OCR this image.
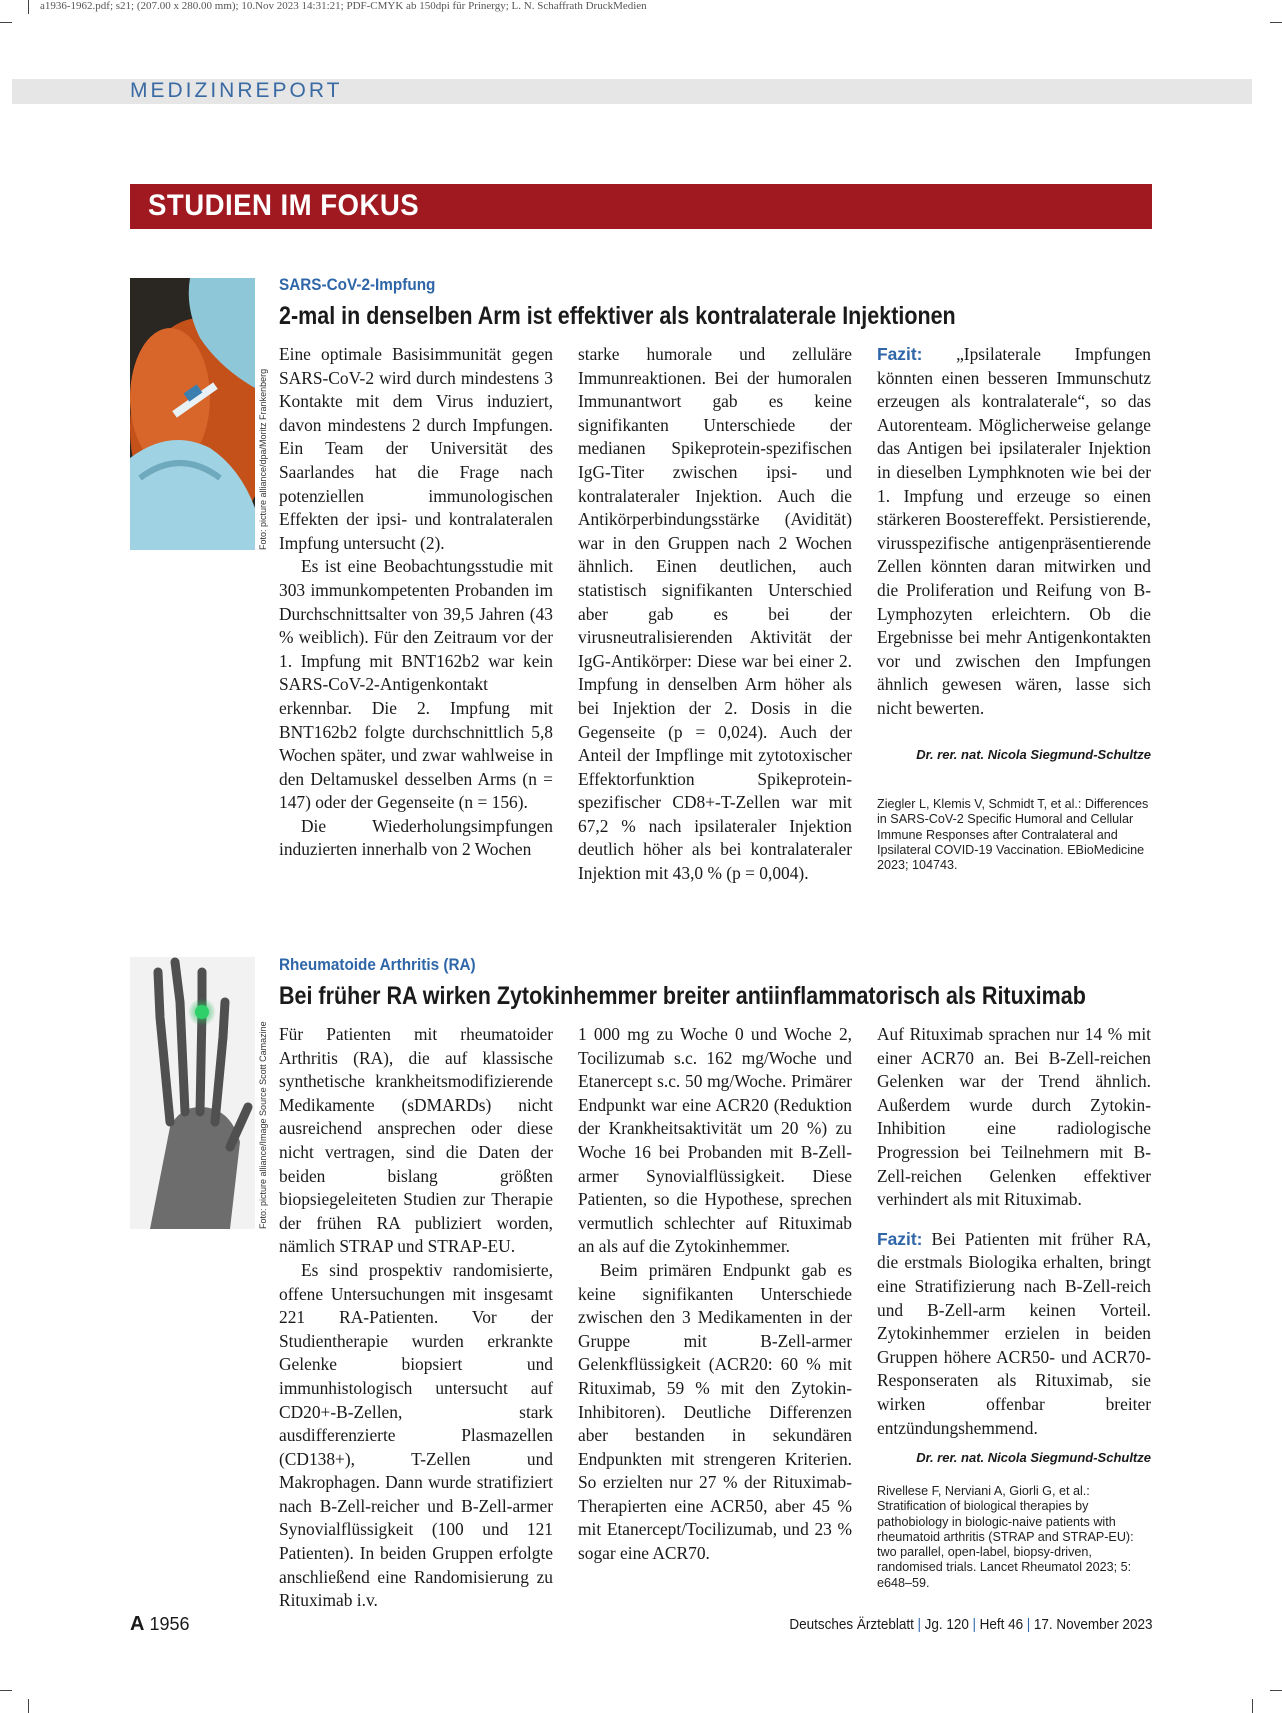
a1936-1962.pdf; s21; (207.00 x 280.00 mm); 10.Nov 2023 14:31:21; PDF-CMYK ab 150dpi für Prinergy; L. N. Schaffrath DruckMedien
MEDIZINREPORT
STUDIEN IM FOKUS
Foto: picture alliance/dpa/Moritz Frankenberg
SARS-CoV-2-Impfung
2-mal in denselben Arm ist effektiver als kontralaterale Injektionen

Eine optimale Basisimmunität gegen SARS-CoV-2 wird durch mindestens 3 Kontakte mit dem Virus induziert, davon mindestens 2 durch Impfungen. Ein Team der Universität des Saarlandes hat die Frage nach potenziellen immunologischen Effekten der ipsi- und kontralateralen Impfung untersucht (2).

Es ist eine Beobachtungsstudie mit 303 immunkompetenten Probanden im Durchschnittsalter von 39,5 Jahren (43 % weiblich). Für den Zeitraum vor der 1. Impfung mit BNT162b2 war kein SARS-CoV-2-Antigenkontakt erkennbar. Die 2. Impfung mit BNT162b2 folgte durchschnittlich 5,8 Wochen später, und zwar wahlweise in den Deltamuskel desselben Arms (n = 147) oder der Gegenseite (n = 156).

Die Wiederholungsimpfungen induzierten innerhalb von 2 Wochen

starke humorale und zelluläre Immunreaktionen. Bei der humoralen Immunantwort gab es keine signifikanten Unterschiede der medianen Spikeprotein-spezifischen IgG-Titer zwischen ipsi- und kontralateraler Injektion. Auch die Antikörperbindungsstärke (Avidität) war in den Gruppen nach 2 Wochen ähnlich. Einen deutlichen, auch statistisch signifikanten Unterschied aber gab es bei der virusneutralisierenden Aktivität der IgG-Antikörper: Diese war bei einer 2. Impfung in denselben Arm höher als bei Injektion der 2. Dosis in die Gegenseite (p = 0,024). Auch der Anteil der Impflinge mit zytotoxischer Effektorfunktion Spikeprotein-spezifischer CD8+-T-Zellen war mit 67,2 % nach ipsilateraler Injektion deutlich höher als bei kontralateraler Injektion mit 43,0 % (p = 0,004).

Fazit: „Ipsilaterale Impfungen könnten einen besseren Immunschutz erzeugen als kontralaterale“, so das Autorenteam. Möglicherweise gelange das Antigen bei ipsilateraler Injektion in dieselben Lymphknoten wie bei der 1. Impfung und erzeuge so einen stärkeren Boostereffekt. Persistierende, virusspezifische antigenpräsentierende Zellen könnten daran mitwirken und die Proliferation und Reifung von B-Lymphozyten erleichtern. Ob die Ergebnisse bei mehr Antigenkontakten vor und zwischen den Impfungen ähnlich gewesen wären, lasse sich nicht bewerten.

Dr. rer. nat. Nicola Siegmund-Schultze
Ziegler L, Klemis V, Schmidt T, et al.: Differences in SARS-CoV-2 Specific Humoral and Cellular Immune Responses after Contralateral and Ipsilateral COVID-19 Vaccination. EBioMedicine 2023; 104743.
Foto: picture alliance/Image Source Scott Camazine
Rheumatoide Arthritis (RA)
Bei früher RA wirken Zytokinhemmer breiter antiinflammatorisch als Rituximab

Für Patienten mit rheumatoider Arthritis (RA), die auf klassische synthetische krankheitsmodifizierende Medikamente (sDMARDs) nicht ausreichend ansprechen oder diese nicht vertragen, sind die Daten der beiden bislang größten biopsiegeleiteten Studien zur Therapie der frühen RA publiziert worden, nämlich STRAP und STRAP-EU.

Es sind prospektiv randomisierte, offene Untersuchungen mit insgesamt 221 RA-Patienten. Vor der Studientherapie wurden erkrankte Gelenke biopsiert und immunhistologisch untersucht auf CD20+-B-Zellen, stark ausdifferenzierte Plasmazellen (CD138+), T-Zellen und Makrophagen. Dann wurde stratifiziert nach B-Zell-reicher und B-Zell-armer Synovialflüssigkeit (100 und 121 Patienten). In beiden Gruppen erfolgte anschließend eine Randomisierung zu Rituximab i.v.

1 000 mg zu Woche 0 und Woche 2, Tocilizumab s.c. 162 mg/Woche und Etanercept s.c. 50 mg/Woche. Primärer Endpunkt war eine ACR20 (Reduktion der Krankheitsaktivität um 20 %) zu Woche 16 bei Probanden mit B-Zell-armer Synovialflüssigkeit. Diese Patienten, so die Hypothese, sprechen vermutlich schlechter auf Rituximab an als auf die Zytokinhemmer.

Beim primären Endpunkt gab es keine signifikanten Unterschiede zwischen den 3 Medikamenten in der Gruppe mit B-Zell-armer Gelenkflüssigkeit (ACR20: 60 % mit Rituximab, 59 % mit den Zytokin-Inhibitoren). Deutliche Differenzen aber bestanden in sekundären Endpunkten mit strengeren Kriterien. So erzielten nur 27 % der Rituximab-Therapierten eine ACR50, aber 45 % mit Etanercept/Tocilizumab, und 23 % sogar eine ACR70.

Auf Rituximab sprachen nur 14 % mit einer ACR70 an. Bei B-Zell-reichen Gelenken war der Trend ähnlich. Außerdem wurde durch Zytokin-Inhibition eine radiologische Progression bei Teilnehmern mit B-Zell-reichen Gelenken effektiver verhindert als mit Rituximab.

Fazit: Bei Patienten mit früher RA, die erstmals Biologika erhalten, bringt eine Stratifizierung nach B-Zell-reich und B-Zell-arm keinen Vorteil. Zytokinhemmer erzielen in beiden Gruppen höhere ACR50- und ACR70-Responseraten als Rituximab, sie wirken offenbar breiter entzündungshemmend.

Dr. rer. nat. Nicola Siegmund-Schultze
Rivellese F, Nerviani A, Giorli G, et al.: Stratification of biological therapies by pathobiology in biologic-naive patients with rheumatoid arthritis (STRAP and STRAP-EU): two parallel, open-label, biopsy-driven, randomised trials. Lancet Rheumatol 2023; 5: e648–59.
A 1956	Deutsches Ärzteblatt | Jg. 120 | Heft 46 | 17. November 2023
